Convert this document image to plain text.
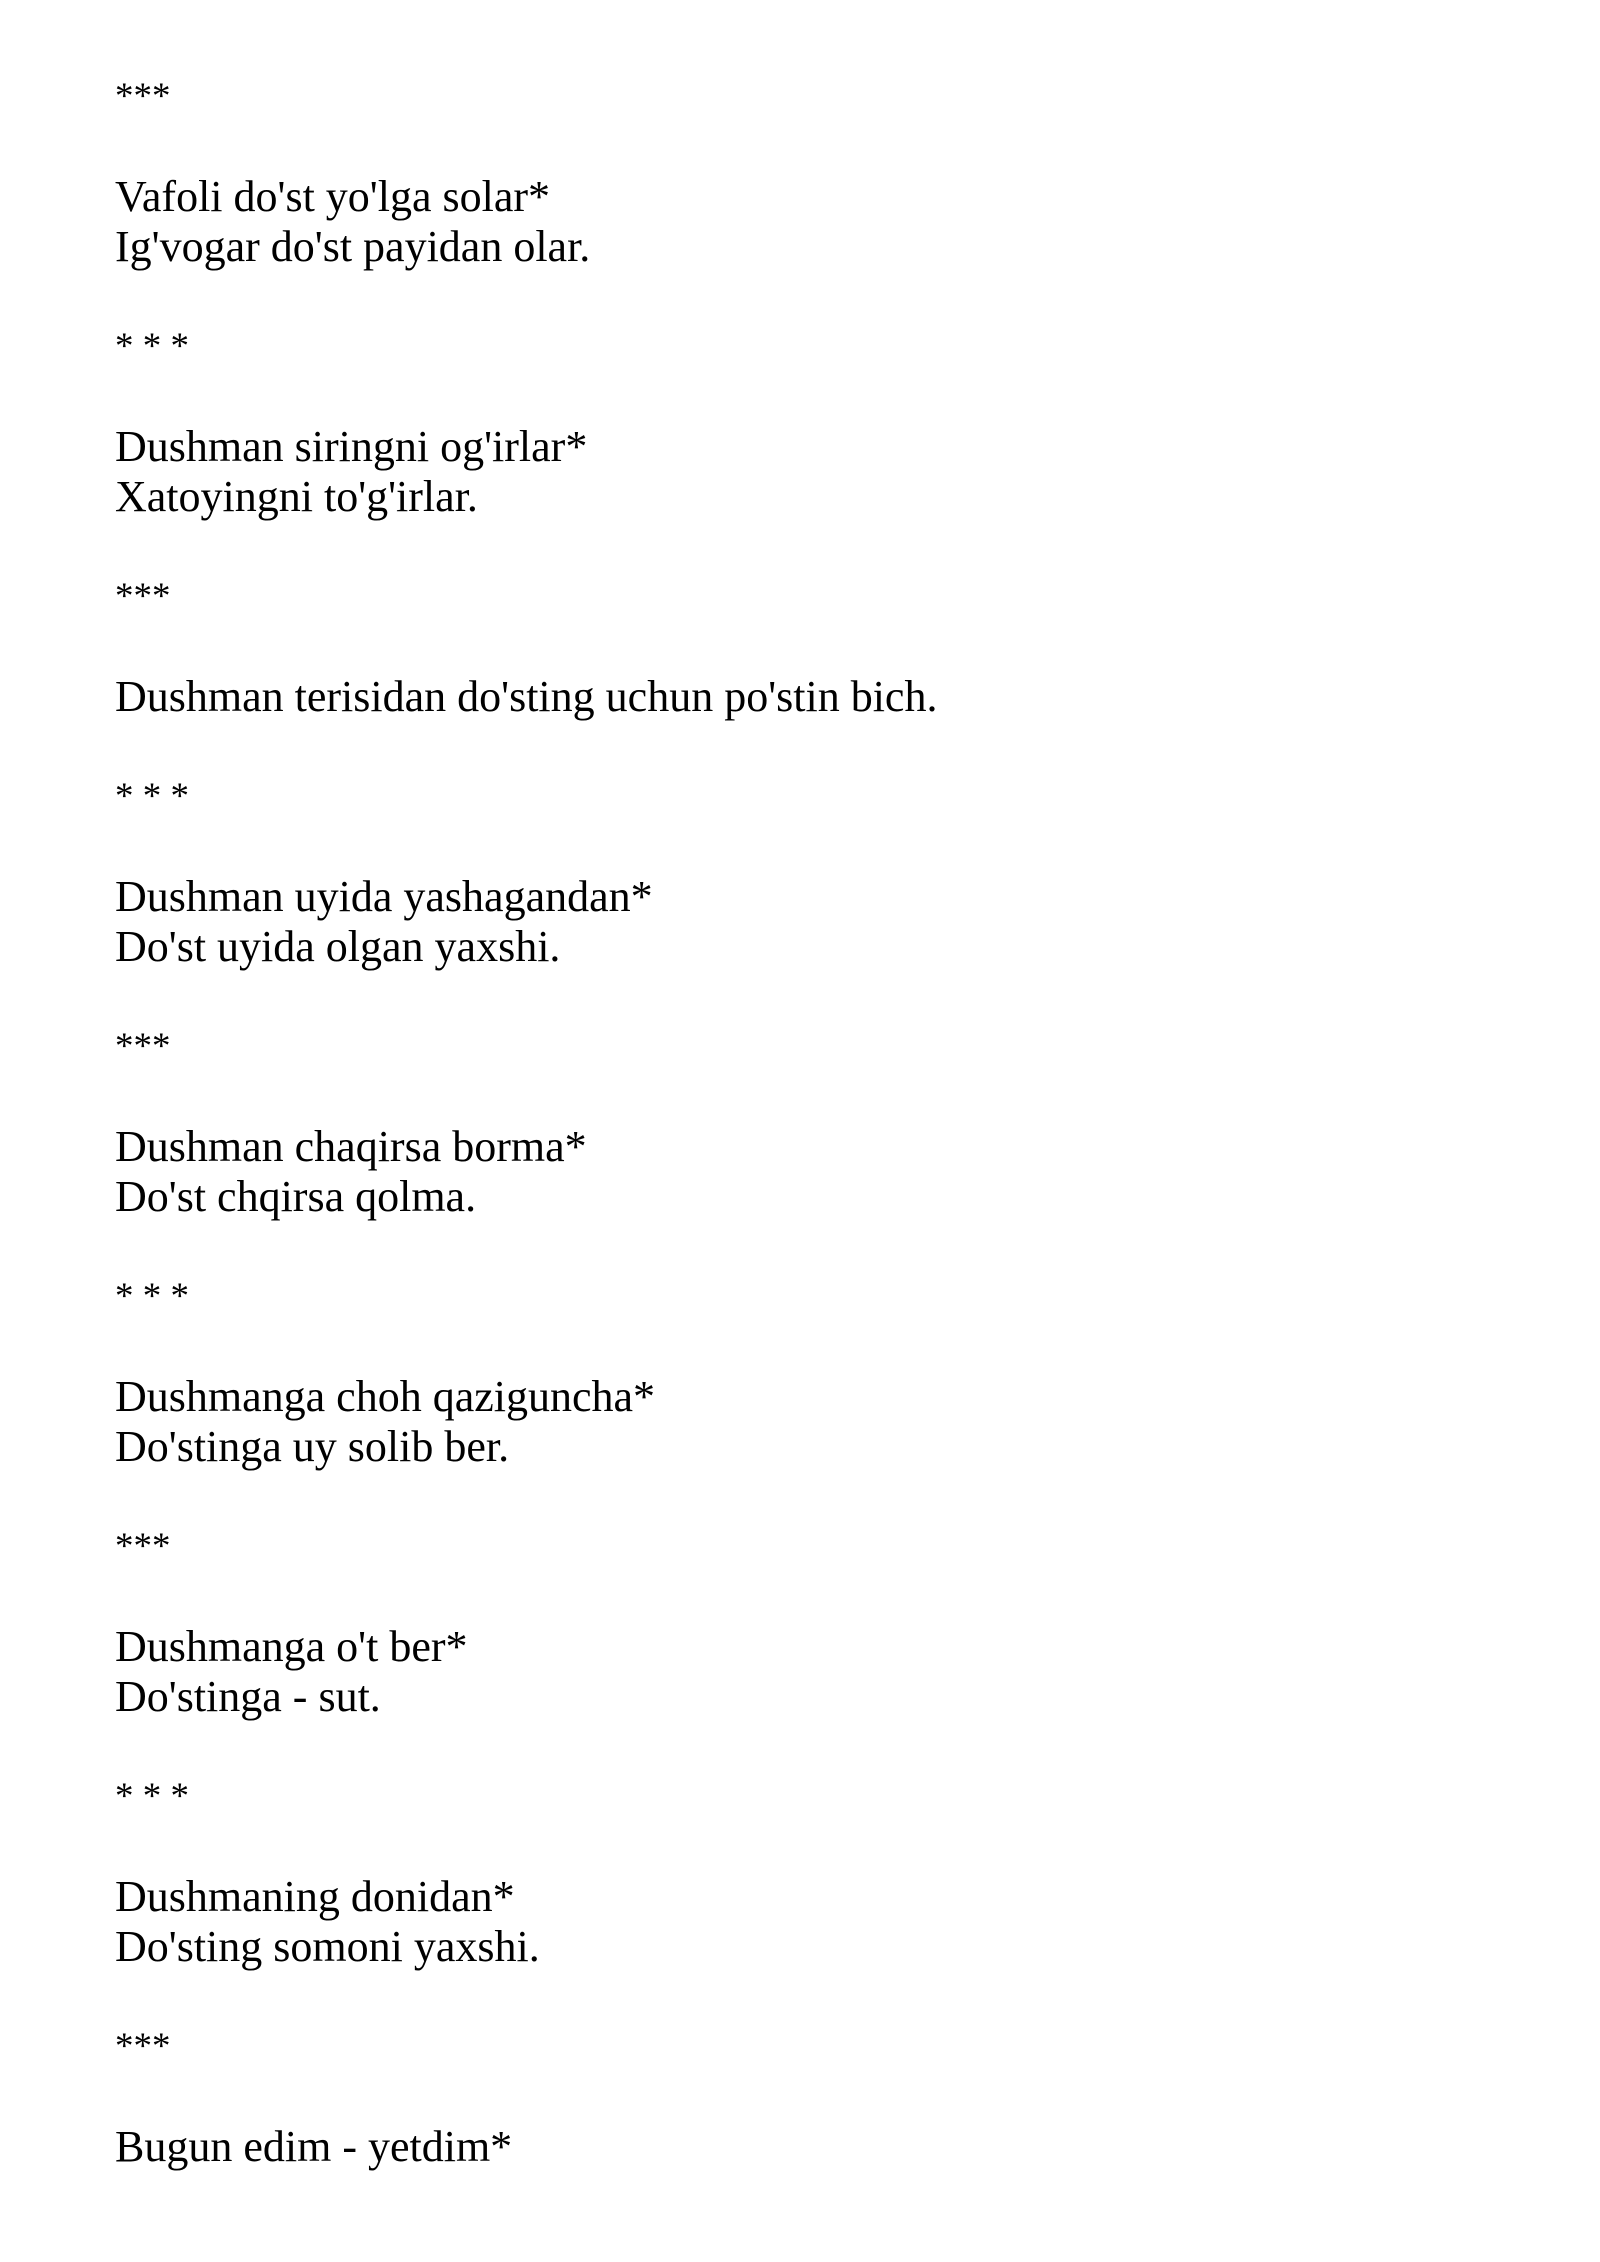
***
Vafoli do'st yo'lga solar*
Ig'vogar do'st payidan olar.
* * *
Dushman siringni og'irlar*
Xatoyingni to'g'irlar.
***
Dushman terisidan do'sting uchun po'stin bich.
* * *
Dushman uyida yashagandan*
Do'st uyida olgan yaxshi.
***
Dushman chaqirsa borma*
Do'st chqirsa qolma.
* * *
Dushmanga choh qaziguncha*
Do'stinga uy solib ber.
***
Dushmanga o't ber*
Do'stinga - sut.
* * *
Dushmaning donidan*
Do'sting somoni yaxshi.
***
Bugun edim - yetdim*
